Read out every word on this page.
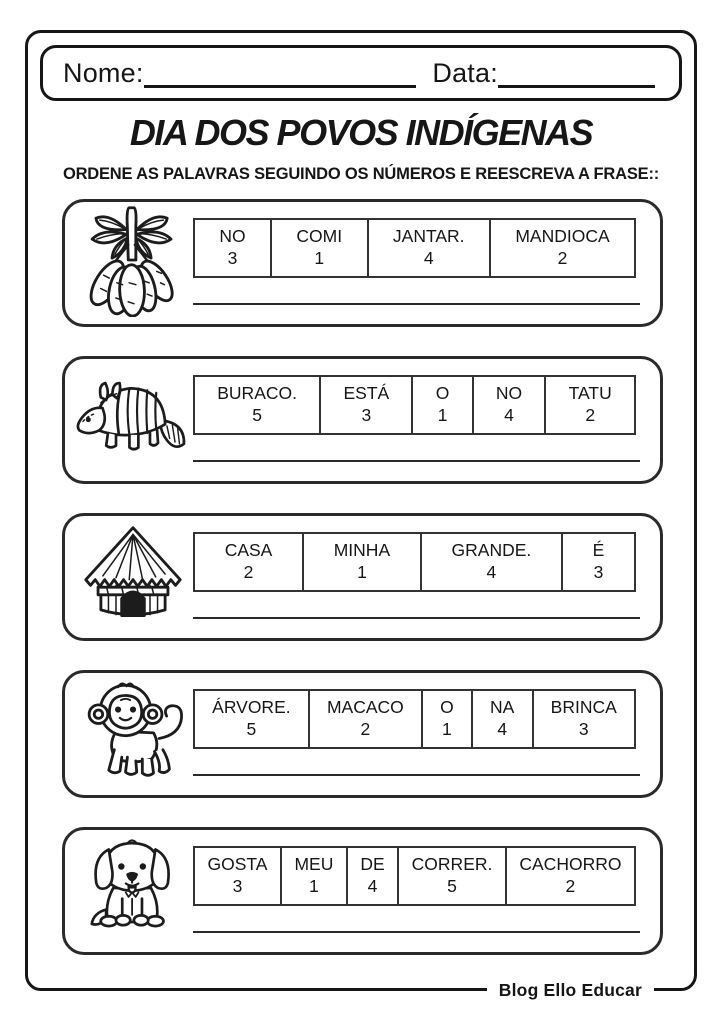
Nome:	Data:
DIA DOS POVOS INDÍGENAS
ORDENE AS PALAVRAS SEGUINDO OS NÚMEROS E REESCREVA A FRASE::
NO
3
COMI
1
JANTAR.
4
MANDIOCA
2
BURACO.
5
ESTÁ
3
O
1
NO
4
TATU
2
CASA
2
MINHA
1
GRANDE.
4
É
3
ÁRVORE.
5
MACACO
2
O
1
NA
4
BRINCA
3
GOSTA
3
MEU
1
DE
4
CORRER.
5
CACHORRO
2
Blog Ello Educar
